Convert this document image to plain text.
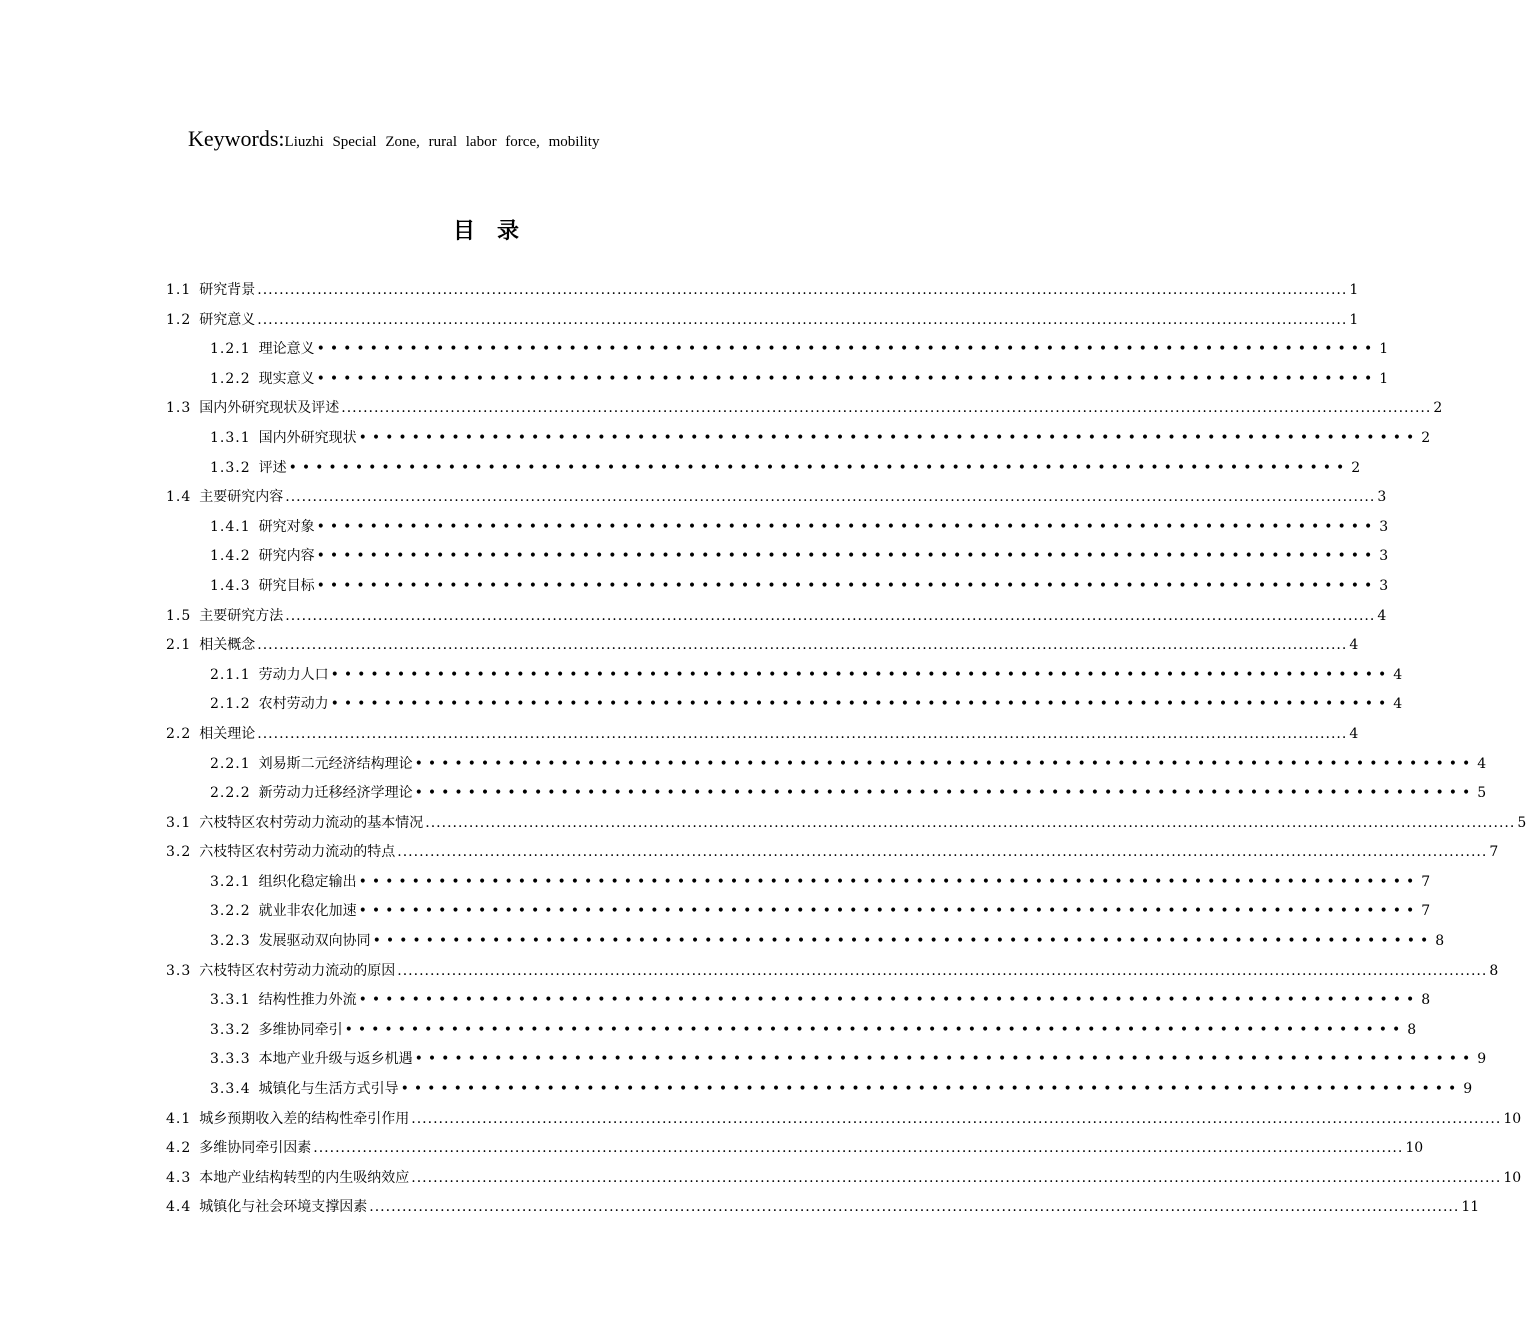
Keywords:Liuzhi Special Zone, rural labor force, mobility
目录
1.1 研究背景 ........................................................................................................................................................................................................ 1
1.2 研究意义 ........................................................................................................................................................................................................ 1
1.2.1 理论意义 •••••••••••••••••••••••••••••••••••••••••••••••••••••••••••••••••••••••••••••••• 1
1.2.2 现实意义 •••••••••••••••••••••••••••••••••••••••••••••••••••••••••••••••••••••••••••••••• 1
1.3 国内外研究现状及评述 ........................................................................................................................................................................................................ 2
1.3.1 国内外研究现状 •••••••••••••••••••••••••••••••••••••••••••••••••••••••••••••••••••••••••••••••• 2
1.3.2 评述 •••••••••••••••••••••••••••••••••••••••••••••••••••••••••••••••••••••••••••••••• 2
1.4 主要研究内容 ........................................................................................................................................................................................................ 3
1.4.1 研究对象 •••••••••••••••••••••••••••••••••••••••••••••••••••••••••••••••••••••••••••••••• 3
1.4.2 研究内容 •••••••••••••••••••••••••••••••••••••••••••••••••••••••••••••••••••••••••••••••• 3
1.4.3 研究目标 •••••••••••••••••••••••••••••••••••••••••••••••••••••••••••••••••••••••••••••••• 3
1.5 主要研究方法 ........................................................................................................................................................................................................ 4
2.1 相关概念 ........................................................................................................................................................................................................ 4
2.1.1 劳动力人口 •••••••••••••••••••••••••••••••••••••••••••••••••••••••••••••••••••••••••••••••• 4
2.1.2 农村劳动力 •••••••••••••••••••••••••••••••••••••••••••••••••••••••••••••••••••••••••••••••• 4
2.2 相关理论 ........................................................................................................................................................................................................ 4
2.2.1 刘易斯二元经济结构理论 •••••••••••••••••••••••••••••••••••••••••••••••••••••••••••••••••••••••••••••••• 4
2.2.2 新劳动力迁移经济学理论 •••••••••••••••••••••••••••••••••••••••••••••••••••••••••••••••••••••••••••••••• 5
3.1 六枝特区农村劳动力流动的基本情况 ........................................................................................................................................................................................................ 5
3.2 六枝特区农村劳动力流动的特点 ........................................................................................................................................................................................................ 7
3.2.1 组织化稳定输出 •••••••••••••••••••••••••••••••••••••••••••••••••••••••••••••••••••••••••••••••• 7
3.2.2 就业非农化加速 •••••••••••••••••••••••••••••••••••••••••••••••••••••••••••••••••••••••••••••••• 7
3.2.3 发展驱动双向协同 •••••••••••••••••••••••••••••••••••••••••••••••••••••••••••••••••••••••••••••••• 8
3.3 六枝特区农村劳动力流动的原因 ........................................................................................................................................................................................................ 8
3.3.1 结构性推力外流 •••••••••••••••••••••••••••••••••••••••••••••••••••••••••••••••••••••••••••••••• 8
3.3.2 多维协同牵引 •••••••••••••••••••••••••••••••••••••••••••••••••••••••••••••••••••••••••••••••• 8
3.3.3 本地产业升级与返乡机遇 •••••••••••••••••••••••••••••••••••••••••••••••••••••••••••••••••••••••••••••••• 9
3.3.4 城镇化与生活方式引导 •••••••••••••••••••••••••••••••••••••••••••••••••••••••••••••••••••••••••••••••• 9
4.1 城乡预期收入差的结构性牵引作用 ........................................................................................................................................................................................................ 10
4.2 多维协同牵引因素 ........................................................................................................................................................................................................ 10
4.3 本地产业结构转型的内生吸纳效应 ........................................................................................................................................................................................................ 10
4.4 城镇化与社会环境支撑因素 ........................................................................................................................................................................................................ 11
